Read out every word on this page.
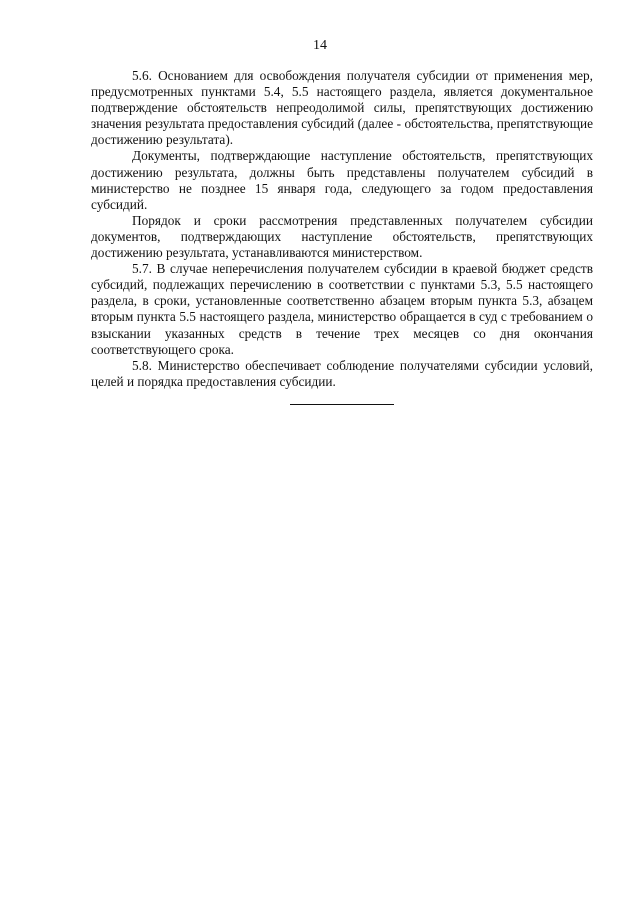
14

5.6. Основанием для освобождения получателя субсидии от применения мер, предусмотренных пунктами 5.4, 5.5 настоящего раздела, является документальное подтверждение обстоятельств непреодолимой силы, препятствующих достижению значения результата предоставления субсидий (далее - обстоятельства, препятствующие достижению результата).

Документы, подтверждающие наступление обстоятельств, препятствующих достижению результата, должны быть представлены получателем субсидий в министерство не позднее 15 января года, следующего за годом предоставления субсидий.

Порядок и сроки рассмотрения представленных получателем субсидии документов, подтверждающих наступление обстоятельств, препятствующих достижению результата, устанавливаются министерством.

5.7. В случае неперечисления получателем субсидии в краевой бюджет средств субсидий, подлежащих перечислению в соответствии с пунктами 5.3, 5.5 настоящего раздела, в сроки, установленные соответственно абзацем вторым пункта 5.3, абзацем вторым пункта 5.5 настоящего раздела, министерство обращается в суд с требованием о взыскании указанных средств в течение трех месяцев со дня окончания соответствующего срока.

5.8. Министерство обеспечивает соблюдение получателями субсидии условий, целей и порядка предоставления субсидии.
